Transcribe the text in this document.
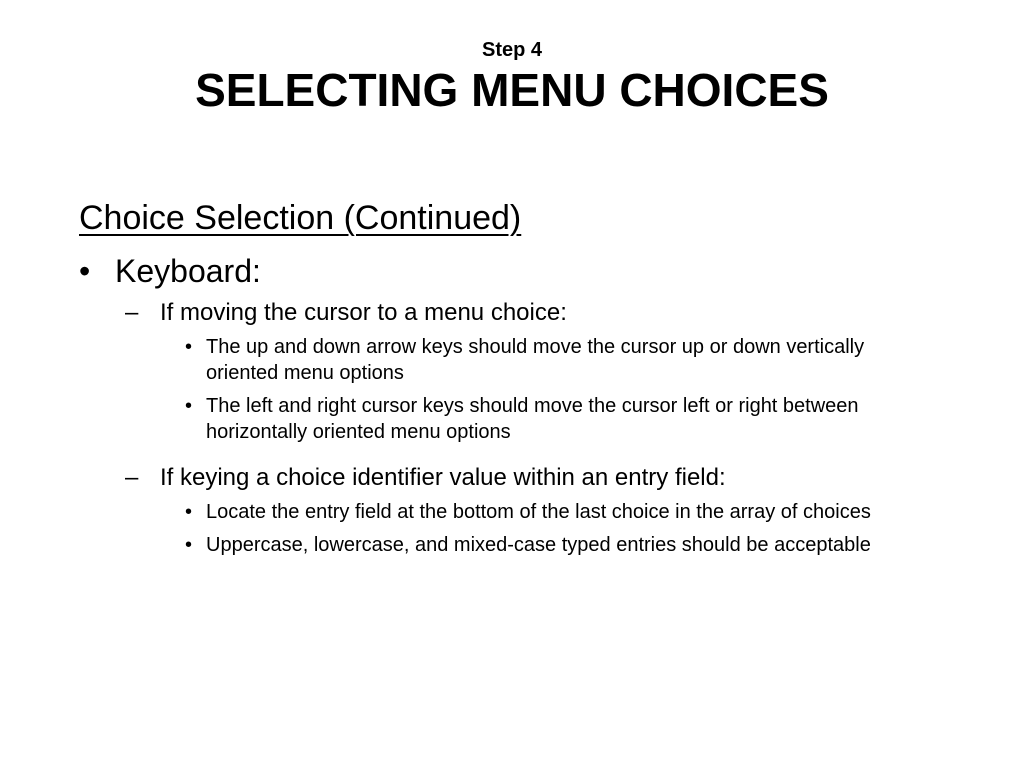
Step 4

SELECTING MENU CHOICES
Choice Selection (Continued)
• Keyboard:
– If moving the cursor to a menu choice:
• The up and down arrow keys should move the cursor up or down vertically oriented menu options
• The left and right cursor keys should move the cursor left or right between horizontally oriented menu options
– If keying a choice identifier value within an entry field:
• Locate the entry field at the bottom of the last choice in the array of choices
• Uppercase, lowercase, and mixed-case typed entries should be acceptable
